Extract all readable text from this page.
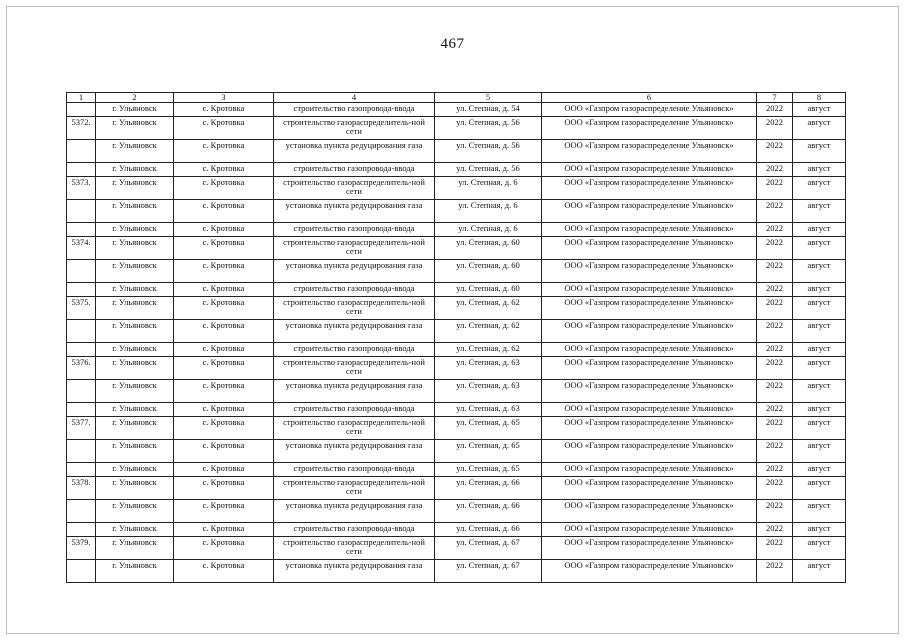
467
1	2	3	4	5	6	7	8
	г. Ульяновск	с. Кротовка	строительство газопровода-ввода	ул. Степная, д. 54	ООО «Газпром газораспределение Ульяновск»	2022	август
5372.	г. Ульяновск	с. Кротовка	строительство газораспределитель-ной сети	ул. Степная, д. 56	ООО «Газпром газораспределение Ульяновск»	2022	август
	г. Ульяновск	с. Кротовка	установка пункта редуцирования газа	ул. Степная, д. 56	ООО «Газпром газораспределение Ульяновск»	2022	август
	г. Ульяновск	с. Кротовка	строительство газопровода-ввода	ул. Степная, д. 56	ООО «Газпром газораспределение Ульяновск»	2022	август
5373.	г. Ульяновск	с. Кротовка	строительство газораспределитель-ной сети	ул. Степная, д. 6	ООО «Газпром газораспределение Ульяновск»	2022	август
	г. Ульяновск	с. Кротовка	установка пункта редуцирования газа	ул. Степная, д. 6	ООО «Газпром газораспределение Ульяновск»	2022	август
	г. Ульяновск	с. Кротовка	строительство газопровода-ввода	ул. Степная, д. 6	ООО «Газпром газораспределение Ульяновск»	2022	август
5374.	г. Ульяновск	с. Кротовка	строительство газораспределитель-ной сети	ул. Степная, д. 60	ООО «Газпром газораспределение Ульяновск»	2022	август
	г. Ульяновск	с. Кротовка	установка пункта редуцирования газа	ул. Степная, д. 60	ООО «Газпром газораспределение Ульяновск»	2022	август
	г. Ульяновск	с. Кротовка	строительство газопровода-ввода	ул. Степная, д. 60	ООО «Газпром газораспределение Ульяновск»	2022	август
5375.	г. Ульяновск	с. Кротовка	строительство газораспределитель-ной сети	ул. Степная, д. 62	ООО «Газпром газораспределение Ульяновск»	2022	август
	г. Ульяновск	с. Кротовка	установка пункта редуцирования газа	ул. Степная, д. 62	ООО «Газпром газораспределение Ульяновск»	2022	август
	г. Ульяновск	с. Кротовка	строительство газопровода-ввода	ул. Степная, д. 62	ООО «Газпром газораспределение Ульяновск»	2022	август
5376.	г. Ульяновск	с. Кротовка	строительство газораспределитель-ной сети	ул. Степная, д. 63	ООО «Газпром газораспределение Ульяновск»	2022	август
	г. Ульяновск	с. Кротовка	установка пункта редуцирования газа	ул. Степная, д. 63	ООО «Газпром газораспределение Ульяновск»	2022	август
	г. Ульяновск	с. Кротовка	строительство газопровода-ввода	ул. Степная, д. 63	ООО «Газпром газораспределение Ульяновск»	2022	август
5377.	г. Ульяновск	с. Кротовка	строительство газораспределитель-ной сети	ул. Степная, д. 65	ООО «Газпром газораспределение Ульяновск»	2022	август
	г. Ульяновск	с. Кротовка	установка пункта редуцирования газа	ул. Степная, д. 65	ООО «Газпром газораспределение Ульяновск»	2022	август
	г. Ульяновск	с. Кротовка	строительство газопровода-ввода	ул. Степная, д. 65	ООО «Газпром газораспределение Ульяновск»	2022	август
5378.	г. Ульяновск	с. Кротовка	строительство газораспределитель-ной сети	ул. Степная, д. 66	ООО «Газпром газораспределение Ульяновск»	2022	август
	г. Ульяновск	с. Кротовка	установка пункта редуцирования газа	ул. Степная, д. 66	ООО «Газпром газораспределение Ульяновск»	2022	август
	г. Ульяновск	с. Кротовка	строительство газопровода-ввода	ул. Степная, д. 66	ООО «Газпром газораспределение Ульяновск»	2022	август
5379.	г. Ульяновск	с. Кротовка	строительство газораспределитель-ной сети	ул. Степная, д. 67	ООО «Газпром газораспределение Ульяновск»	2022	август
	г. Ульяновск	с. Кротовка	установка пункта редуцирования газа	ул. Степная, д. 67	ООО «Газпром газораспределение Ульяновск»	2022	август
